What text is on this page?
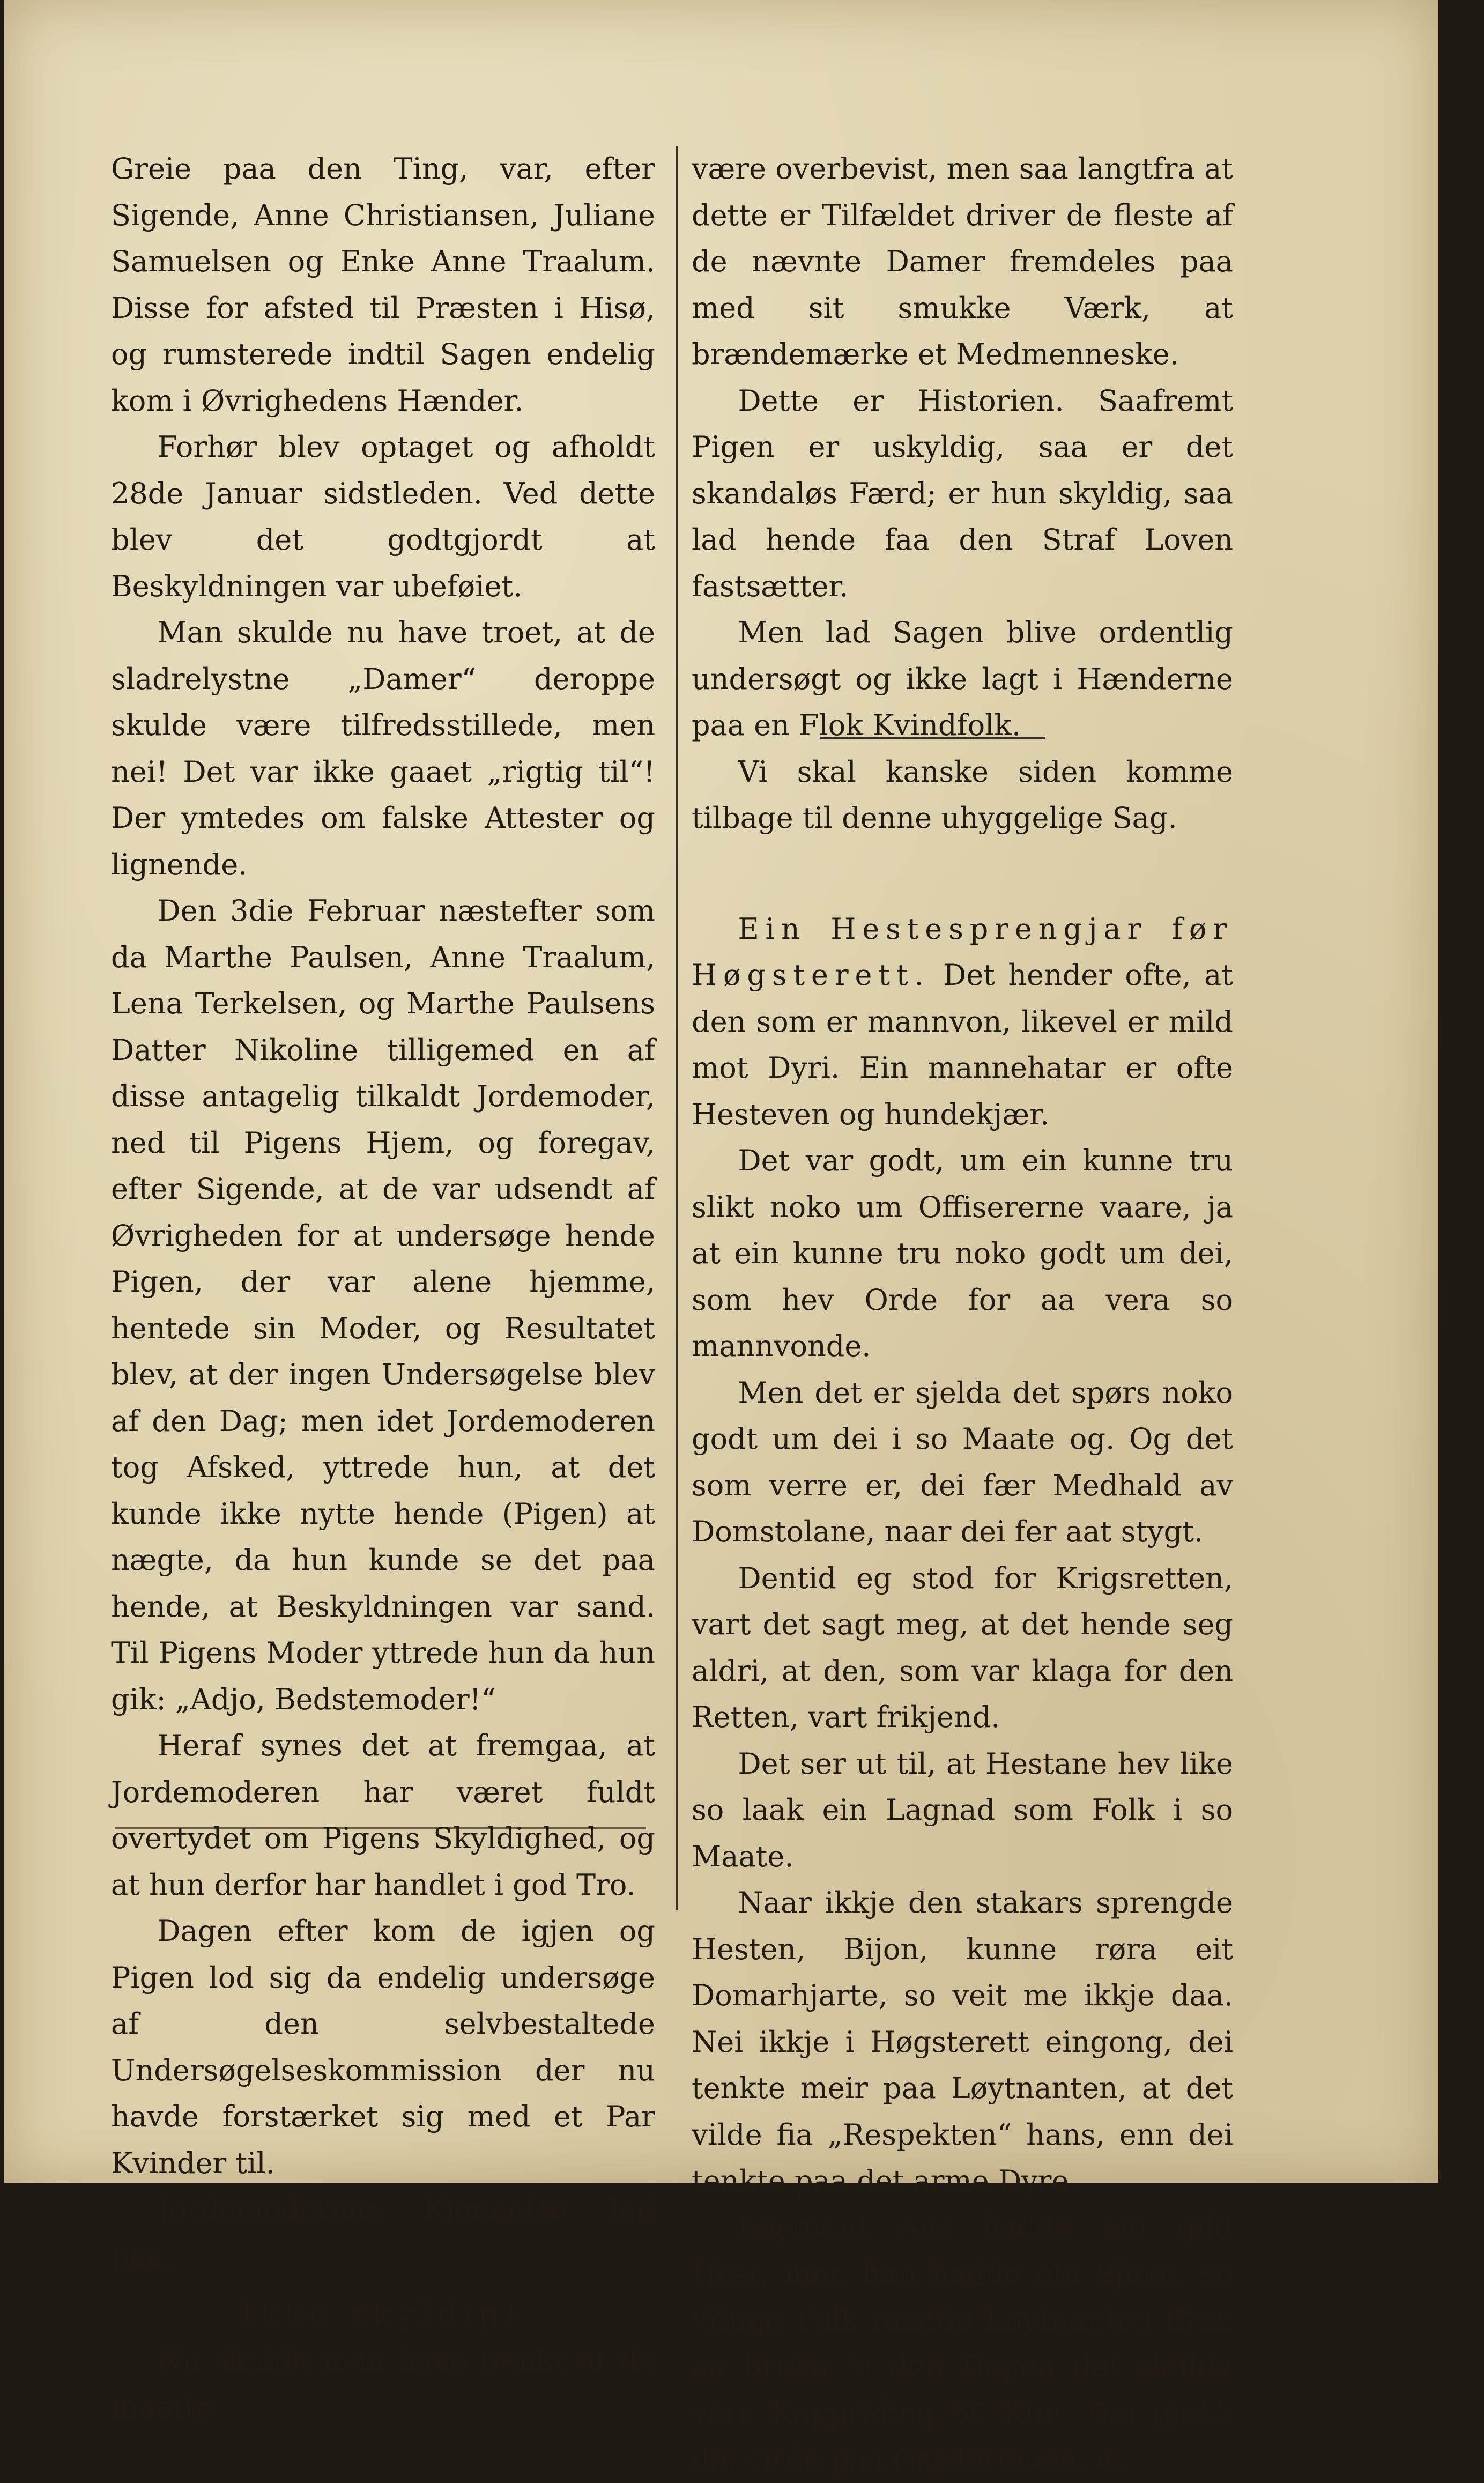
Greie paa den Ting, var, efter Sigende, Anne Christiansen, Juliane Samuelsen og Enke Anne Traalum. Disse for afsted til Præsten i Hisø, og rumsterede indtil Sagen endelig kom i Øvrighedens Hænder.

Forhør blev optaget og afholdt 28de Januar sidstleden. Ved dette blev det godtgjordt at Beskyldningen var ubeføiet.

Man skulde nu have troet, at de sladrelystne „Damer“ deroppe skulde være tilfredsstillede, men nei! Det var ikke gaaet „rigtig til“! Der ymtedes om falske Attester og lignende.

Den 3die Februar næstefter som da Marthe Paulsen, Anne Traalum, Lena Terkelsen, og Marthe Paulsens Datter Nikoline tilligemed en af disse antagelig tilkaldt Jordemoder, ned til Pigens Hjem, og foregav, efter Sigende, at de var udsendt af Øvrigheden for at undersøge hende Pigen, der var alene hjemme, hentede sin Moder, og Resultatet blev, at der ingen Undersøgelse blev af den Dag; men idet Jordemoderen tog Afsked, yttrede hun, at det kunde ikke nytte hende (Pigen) at nægte, da hun kunde se det paa hende, at Beskyldningen var sand. Til Pigens Moder yttrede hun da hun gik: „Adjo, Bedstemoder!“

Heraf synes det at fremgaa, at Jordemoderen har været fuldt overtydet om Pigens Skyldighed, og at hun derfor har handlet i god Tro.

Dagen efter kom de igjen og Pigen lod sig da endelig undersøge af den selvbestaltede Undersøgelseskommission der nu havde forstærket sig med et Par Kvinder til.

Jordemoderens Kjendelse lød paa;

Ikke skyldig!

Nu skulde man have tænkt at de maatte

være overbevist, men saa langtfra at dette er Tilfældet driver de fleste af de nævnte Damer fremdeles paa med sit smukke Værk, at brændemærke et Medmenneske.

Dette er Historien. Saafremt Pigen er uskyldig, saa er det skandaløs Færd; er hun skyldig, saa lad hende faa den Straf Loven fastsætter.

Men lad Sagen blive ordentlig undersøgt og ikke lagt i Hænderne paa en Flok Kvindfolk.

Vi skal kanske siden komme tilbage til denne uhyggelige Sag.

Ein Hestesprengjar før Høgsterett. Det hender ofte, at den som er mannvon, likevel er mild mot Dyri. Ein mannehatar er ofte Hesteven og hundekjær.

Det var godt, um ein kunne tru slikt noko um Offisererne vaare, ja at ein kunne tru noko godt um dei, som hev Orde for aa vera so mannvonde.

Men det er sjelda det spørs noko godt um dei i so Maate og. Og det som verre er, dei fær Medhald av Domstolane, naar dei fer aat stygt.

Dentid eg stod for Krigsretten, vart det sagt meg, at det hende seg aldri, at den, som var klaga for den Retten, vart frikjend.

Det ser ut til, at Hestane hev like so laak ein Lagnad som Folk i so Maate.

Naar ikkje den stakars sprengde Hesten, Bijon, kunne røra eit Domarhjarte, so veit me ikkje daa. Nei ikkje i Høgsterett eingong, dei tenkte meir paa Løytnanten, at det vilde fia „Respekten“ hans, enn dei tenkte paa det arme Dyre.

Løytnant Aas hadde ein gild Hest, men han hadde ein Sjuke, so vituge Folk raadde Løytnanten ifraa aa bruka 'n den Dagen det skulda vera Kappriding 50 Klm. Det gjekk det Orde paa Gardermoen, at
